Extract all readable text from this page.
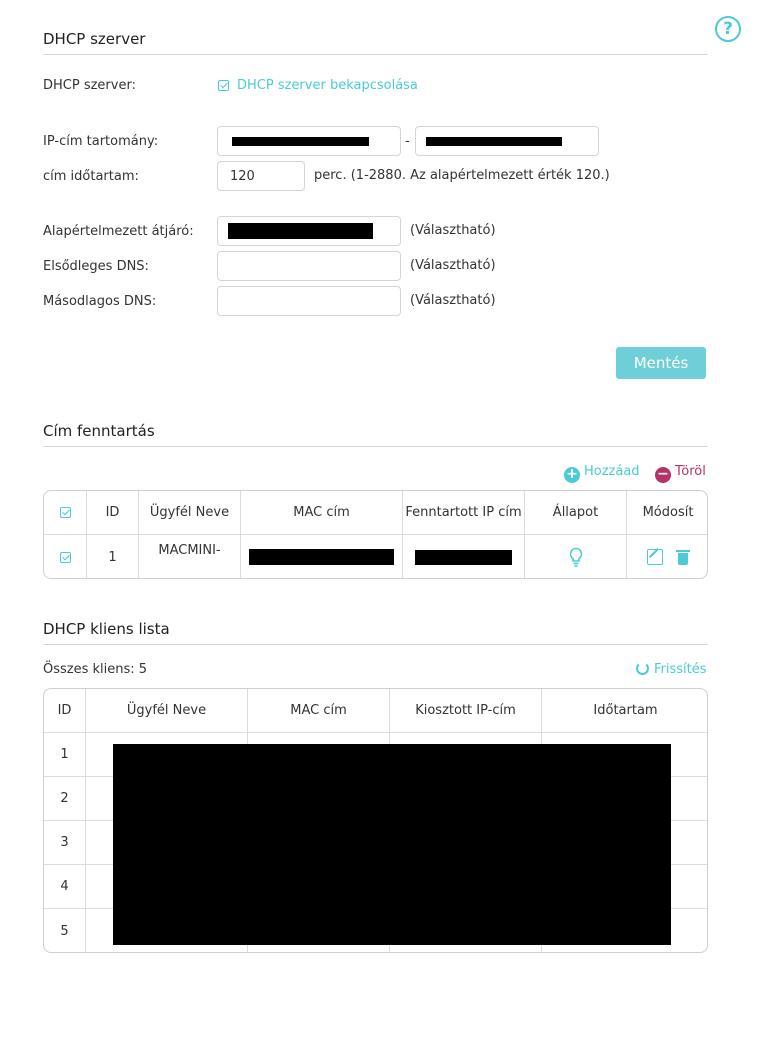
?
DHCP szerver
DHCP szerver:	DHCP szerver bekapcsolása
IP-cím tartomány:	-
cím időtartam:
120	perc. (1-2880. Az alapértelmezett érték 120.)
Alapértelmezett átjáró:	(Választható)
Elsődleges DNS:	(Választható)
Másodlagos DNS:	(Választható)
Mentés
Cím fenntartás
+ Hozzáad − Töröl
ID	Ügyfél Neve	MAC cím	Fenntartott IP cím	Állapot	Módosít
1	MACMINI-
DHCP kliens lista
Összes kliens: 5	Frissítés
ID	Ügyfél Neve	MAC cím	Kiosztott IP-cím	Időtartam
1
2
3
4
5
